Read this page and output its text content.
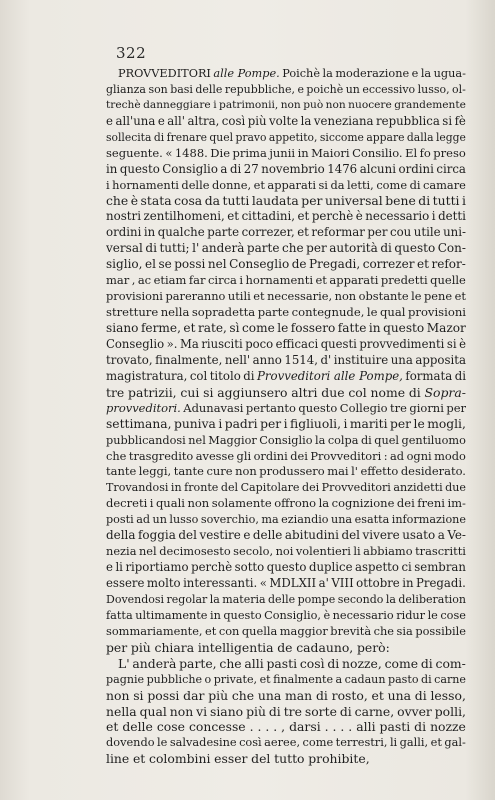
322
PROVVEDITORI alle Pompe. Poichè la moderazione e la ugua-
glianza son basi delle repubbliche, e poichè un eccessivo lusso, ol-
trechè danneggiare i patrimonii, non può non nuocere grandemente
e all'una e all' altra, così più volte la veneziana repubblica si fè
sollecita di frenare quel pravo appetito, siccome appare dalla legge
seguente. « 1488. Die prima junii in Maiori Consilio. El fo preso
in questo Consiglio a di 27 novembrio 1476 alcuni ordini circa
i hornamenti delle donne, et apparati si da letti, come di camare
che è stata cosa da tutti laudata per universal bene di tutti i
nostri zentilhomeni, et cittadini, et perchè è necessario i detti
ordini in qualche parte correzer, et reformar per cou utile uni-
versal di tutti; l' anderà parte che per autorità di questo Con-
siglio, el se possi nel Conseglio de Pregadi, correzer et refor-
mar , ac etiam far circa i hornamenti et apparati predetti quelle
provisioni pareranno utili et necessarie, non obstante le pene et
stretture nella sopradetta parte contegnude, le qual provisioni
siano ferme, et rate, sì come le fossero fatte in questo Mazor
Conseglio ». Ma riusciti poco efficaci questi provvedimenti si è
trovato, finalmente, nell' anno 1514, d' instituire una apposita
magistratura, col titolo di Provveditori alle Pompe, formata di
tre patrizii, cui si aggiunsero altri due col nome di Sopra-
provveditori. Adunavasi pertanto questo Collegio tre giorni per
settimana, puniva i padri per i figliuoli, i mariti per le mogli,
pubblicandosi nel Maggior Consiglio la colpa di quel gentiluomo
che trasgredito avesse gli ordini dei Provveditori : ad ogni modo
tante leggi, tante cure non produssero mai l' effetto desiderato.
Trovandosi in fronte del Capitolare dei Provveditori anzidetti due
decreti i quali non solamente offrono la cognizione dei freni im-
posti ad un lusso soverchio, ma eziandio una esatta informazione
della foggia del vestire e delle abitudini del vivere usato a Ve-
nezia nel decimosesto secolo, noi volentieri li abbiamo trascritti
e li riportiamo perchè sotto questo duplice aspetto ci sembran
essere molto interessanti. « MDLXII a' VIII ottobre in Pregadi.
Dovendosi regolar la materia delle pompe secondo la deliberation
fatta ultimamente in questo Consiglio, è necessario ridur le cose
sommariamente, et con quella maggior brevità che sia possibile
per più chiara intelligentia de cadauno, però:
L' anderà parte, che alli pasti così di nozze, come di com-
pagnie pubbliche o private, et finalmente a cadaun pasto di carne
non si possi dar più che una man di rosto, et una di lesso,
nella qual non vi siano più di tre sorte di carne, ovver polli,
et delle cose concesse . . . . , darsi . . . . alli pasti di nozze
dovendo le salvadesine così aeree, come terrestri, li galli, et gal-
line et colombini esser del tutto prohibite,
